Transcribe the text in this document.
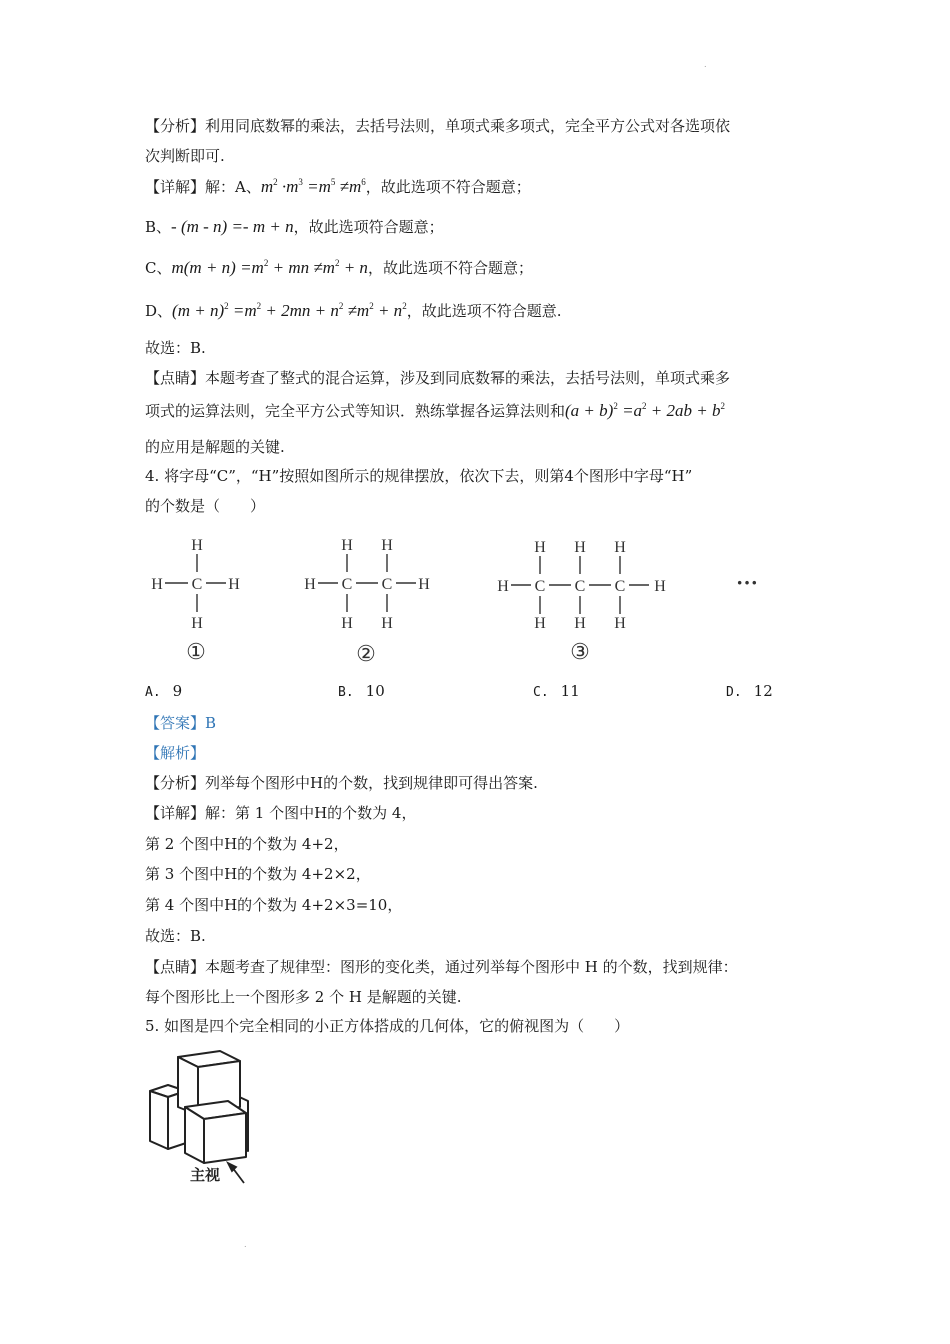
.
【分析】利用同底数幂的乘法，去括号法则，单项式乘多项式，完全平方公式对各选项依
次判断即可.
【详解】解：A、$m^2 \cdot m^3 =m^5 \ne m^6$，故此选项不符合题意；
B、- (m - n) =- m + n，故此选项符合题意；
C、$m(m + n) =m^2$ + mn $\ne m^2 + n$，故此选项不符合题意；
D、$(m + n)^2 =m^2 + 2mn + n^2 \ne m^2 + n^2$，故此选项不符合题意.
故选：B.
【点睛】本题考查了整式的混合运算，涉及到同底数幂的乘法，去括号法则，单项式乘多
项式的运算法则，完全平方公式等知识．熟练掌握各运算法则和$(a + b)^2 =a^2 + 2ab + b^2$
的应用是解题的关键.
4. 将字母“C”，“H”按照如图所示的规律摆放，依次下去，则第4个图形中字母“H”
的个数是（　　）
H
H C H
H
H H
H C C H
H H
H H H
H C C C H
H H H
①	②	③
···
A. 9	B. 10	C. 11	D. 12
【答案】B
【解析】
【分析】列举每个图形中H的个数，找到规律即可得出答案.
【详解】解：第 1 个图中H的个数为 4，
第 2 个图中H的个数为 4+2，
第 3 个图中H的个数为 4+2×2，
第 4 个图中H的个数为 4+2×3=10，
故选：B.
【点睛】本题考查了规律型：图形的变化类，通过列举每个图形中 H 的个数，找到规律：
每个图形比上一个图形多 2 个 H 是解题的关键.
5. 如图是四个完全相同的小正方体搭成的几何体，它的俯视图为（　　）
主视
.
